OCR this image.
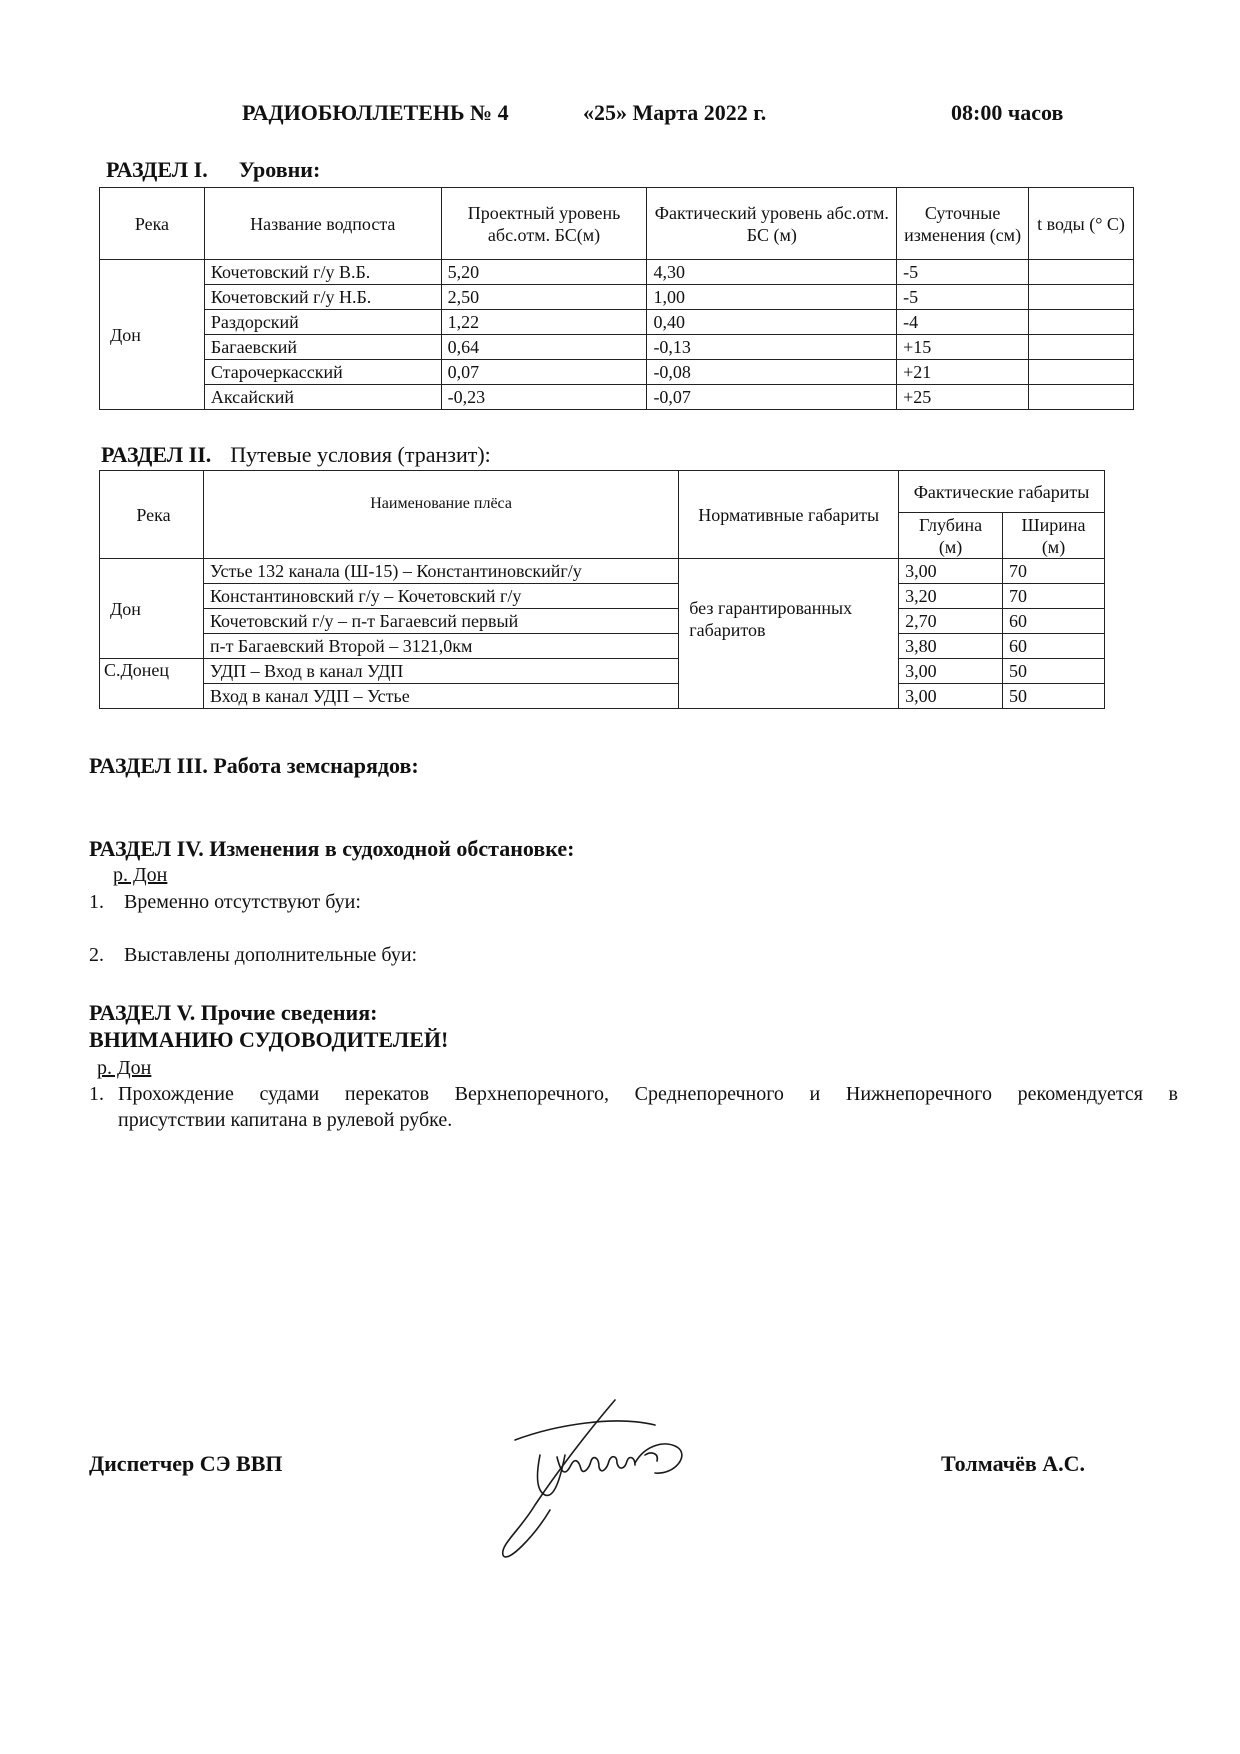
РАДИОБЮЛЛЕТЕНЬ № 4	«25» Марта 2022 г.	08:00 часов
РАЗДЕЛ I. Уровни:
Река	Название водпоста	Проектный уровень абс.отм. БС(м)	Фактический уровень абс.отм. БС (м)	Суточные изменения (см)	t воды (° С)
Дон	Кочетовский г/у В.Б.	5,20	4,30	-5	
	Кочетовский г/у Н.Б.	2,50	1,00	-5	
	Раздорский	1,22	0,40	-4	
	Багаевский	0,64	-0,13	+15	
	Старочеркасский	0,07	-0,08	+21	
	Аксайский	-0,23	-0,07	+25	
РАЗДЕЛ II. Путевые условия (транзит):
Река	Наименование плёса	Нормативные габариты	Фактические габариты	
			Глубина (м)	Ширина (м)
Дон	Устье 132 канала (Ш-15) – Константиновскийг/у	без гарантированных габаритов	3,00	70
	Константиновский г/у – Кочетовский г/у		3,20	70
	Кочетовский г/у – п-т Багаевсий первый		2,70	60
	п-т Багаевский Второй – 3121,0км		3,80	60
С.Донец	УДП – Вход в канал УДП		3,00	50
	Вход в канал УДП – Устье		3,00	50
РАЗДЕЛ III. Работа земснарядов:
РАЗДЕЛ IV. Изменения в судоходной обстановке:
р. Дон
1. Временно отсутствуют буи:
2. Выставлены дополнительные буи:
РАЗДЕЛ V. Прочие сведения:
ВНИМАНИЮ СУДОВОДИТЕЛЕЙ!
р. Дон
1. Прохождение судами перекатов Верхнепоречного, Среднепоречного и Нижнепоречного рекомендуется в
присутствии капитана в рулевой рубке.
Диспетчер СЭ ВВП	Толмачёв А.С.
